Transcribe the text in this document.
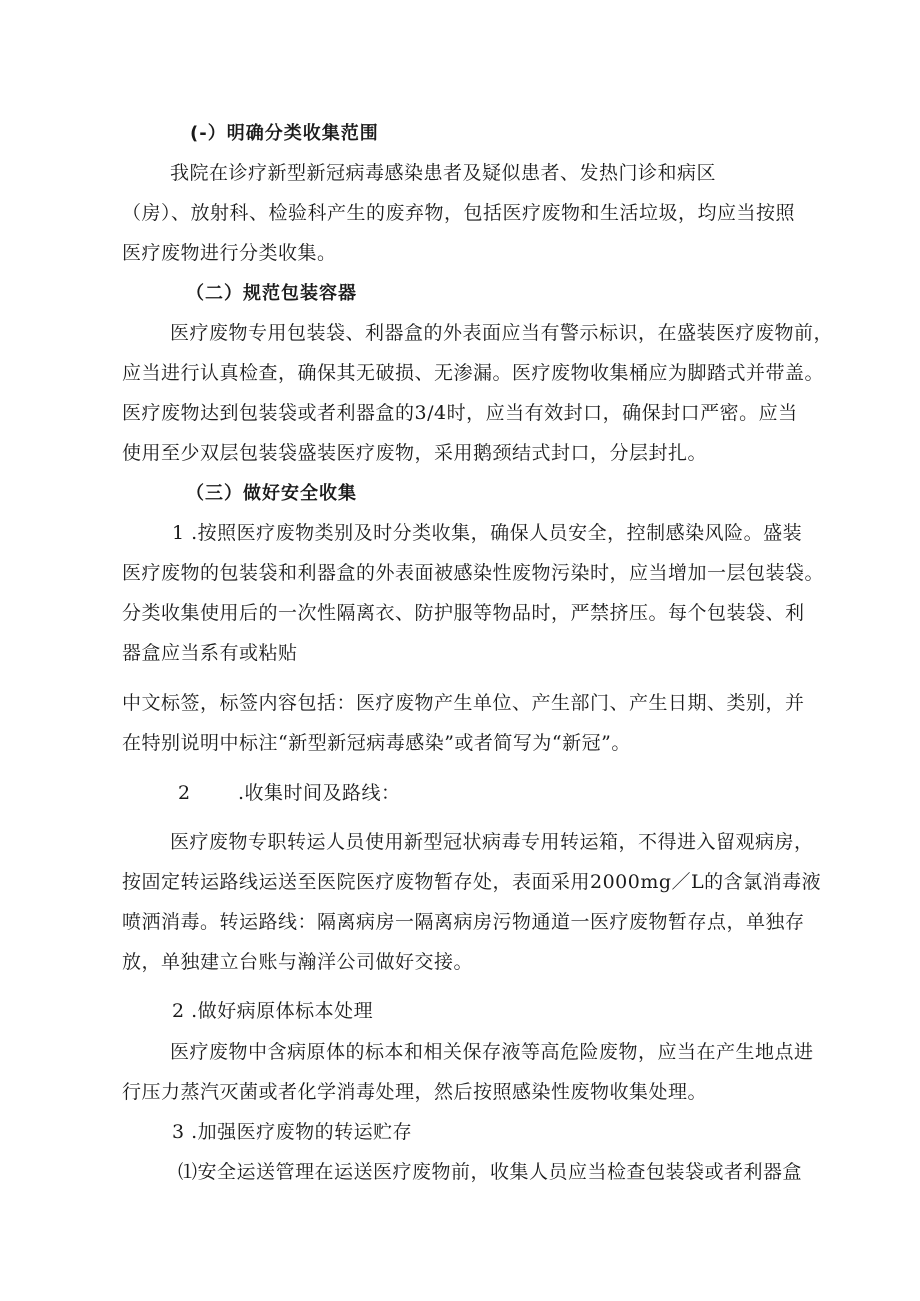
(-）明确分类收集范围
我院在诊疗新型新冠病毒感染患者及疑似患者、发热门诊和病区
（房）、放射科、检验科产生的废弃物，包括医疗废物和生活垃圾，均应当按照
医疗废物进行分类收集。
（二）规范包装容器
医疗废物专用包装袋、利器盒的外表面应当有警示标识，在盛装医疗废物前，
应当进行认真检查，确保其无破损、无渗漏。医疗废物收集桶应为脚踏式并带盖。
医疗废物达到包装袋或者利器盒的3/4时，应当有效封口，确保封口严密。应当
使用至少双层包装袋盛装医疗废物，采用鹅颈结式封口，分层封扎。
（三）做好安全收集
1 .按照医疗废物类别及时分类收集，确保人员安全，控制感染风险。盛装
医疗废物的包装袋和利器盒的外表面被感染性废物污染时，应当增加一层包装袋。
分类收集使用后的一次性隔离衣、防护服等物品时，严禁挤压。每个包装袋、利
器盒应当系有或粘贴
中文标签，标签内容包括：医疗废物产生单位、产生部门、产生日期、类别，并
在特别说明中标注“新型新冠病毒感染”或者简写为“新冠”。
2 .收集时间及路线：
医疗废物专职转运人员使用新型冠状病毒专用转运箱，不得进入留观病房，
按固定转运路线运送至医院医疗废物暂存处，表面采用2000mg／L的含氯消毒液
喷洒消毒。转运路线：隔离病房一隔离病房污物通道一医疗废物暂存点，单独存
放，单独建立台账与瀚洋公司做好交接。
2 .做好病原体标本处理
医疗废物中含病原体的标本和相关保存液等高危险废物，应当在产生地点进
行压力蒸汽灭菌或者化学消毒处理，然后按照感染性废物收集处理。
3 .加强医疗废物的转运贮存
⑴安全运送管理在运送医疗废物前，收集人员应当检查包装袋或者利器盒
